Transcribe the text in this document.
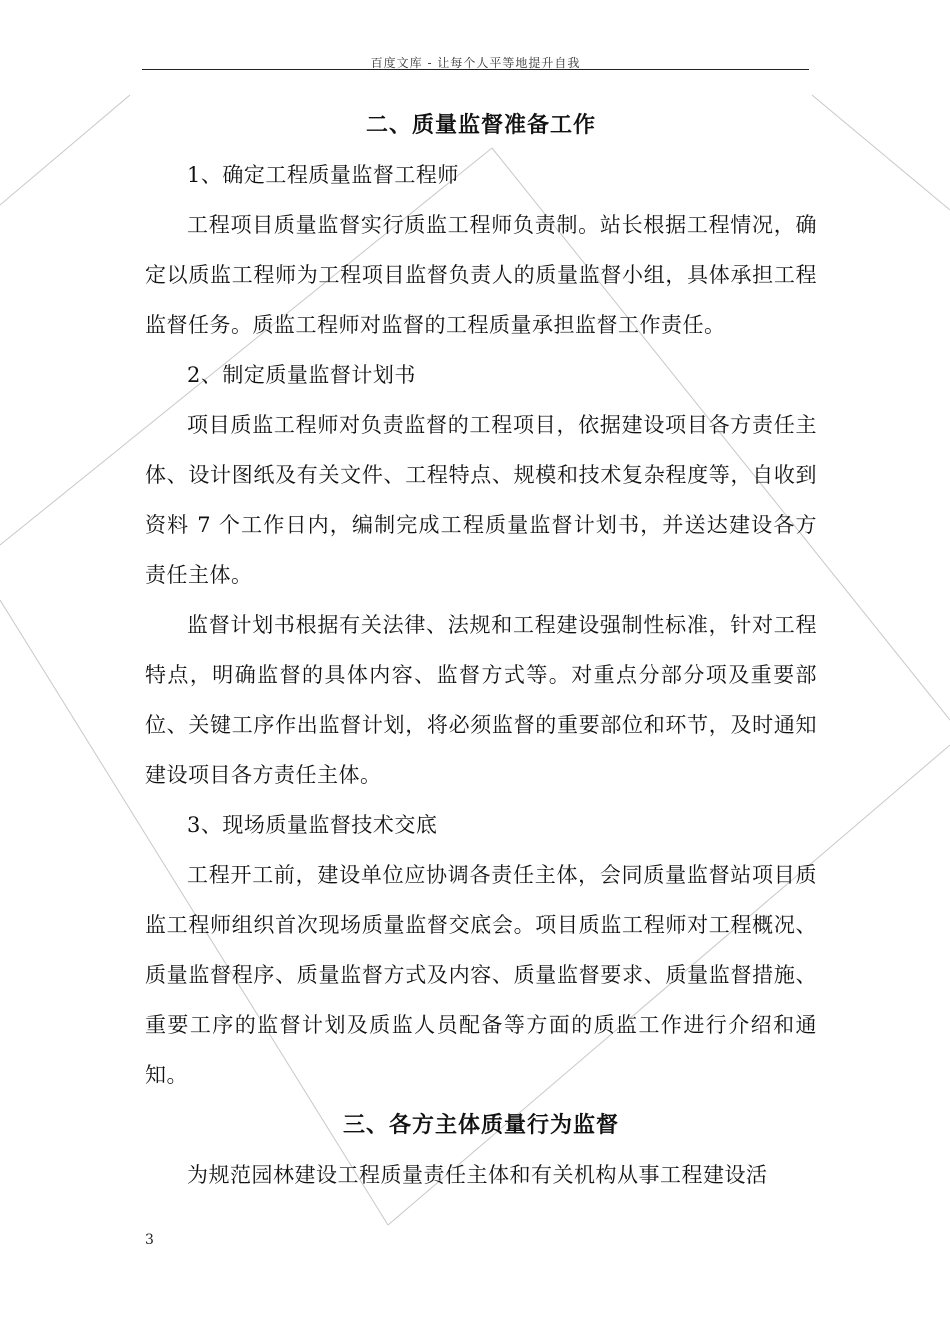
百度文库 - 让每个人平等地提升自我
二、质量监督准备工作

1、确定工程质量监督工程师

工程项目质量监督实行质监工程师负责制。站长根据工程情况，确定以质监工程师为工程项目监督负责人的质量监督小组，具体承担工程监督任务。质监工程师对监督的工程质量承担监督工作责任。

2、制定质量监督计划书

项目质监工程师对负责监督的工程项目，依据建设项目各方责任主体、设计图纸及有关文件、工程特点、规模和技术复杂程度等，自收到资料 7 个工作日内，编制完成工程质量监督计划书，并送达建设各方责任主体。

监督计划书根据有关法律、法规和工程建设强制性标准，针对工程特点，明确监督的具体内容、监督方式等。对重点分部分项及重要部位、关键工序作出监督计划，将必须监督的重要部位和环节，及时通知建设项目各方责任主体。

3、现场质量监督技术交底

工程开工前，建设单位应协调各责任主体，会同质量监督站项目质监工程师组织首次现场质量监督交底会。项目质监工程师对工程概况、质量监督程序、质量监督方式及内容、质量监督要求、质量监督措施、重要工序的监督计划及质监人员配备等方面的质监工作进行介绍和通知。

三、各方主体质量行为监督

为规范园林建设工程质量责任主体和有关机构从事工程建设活

3
